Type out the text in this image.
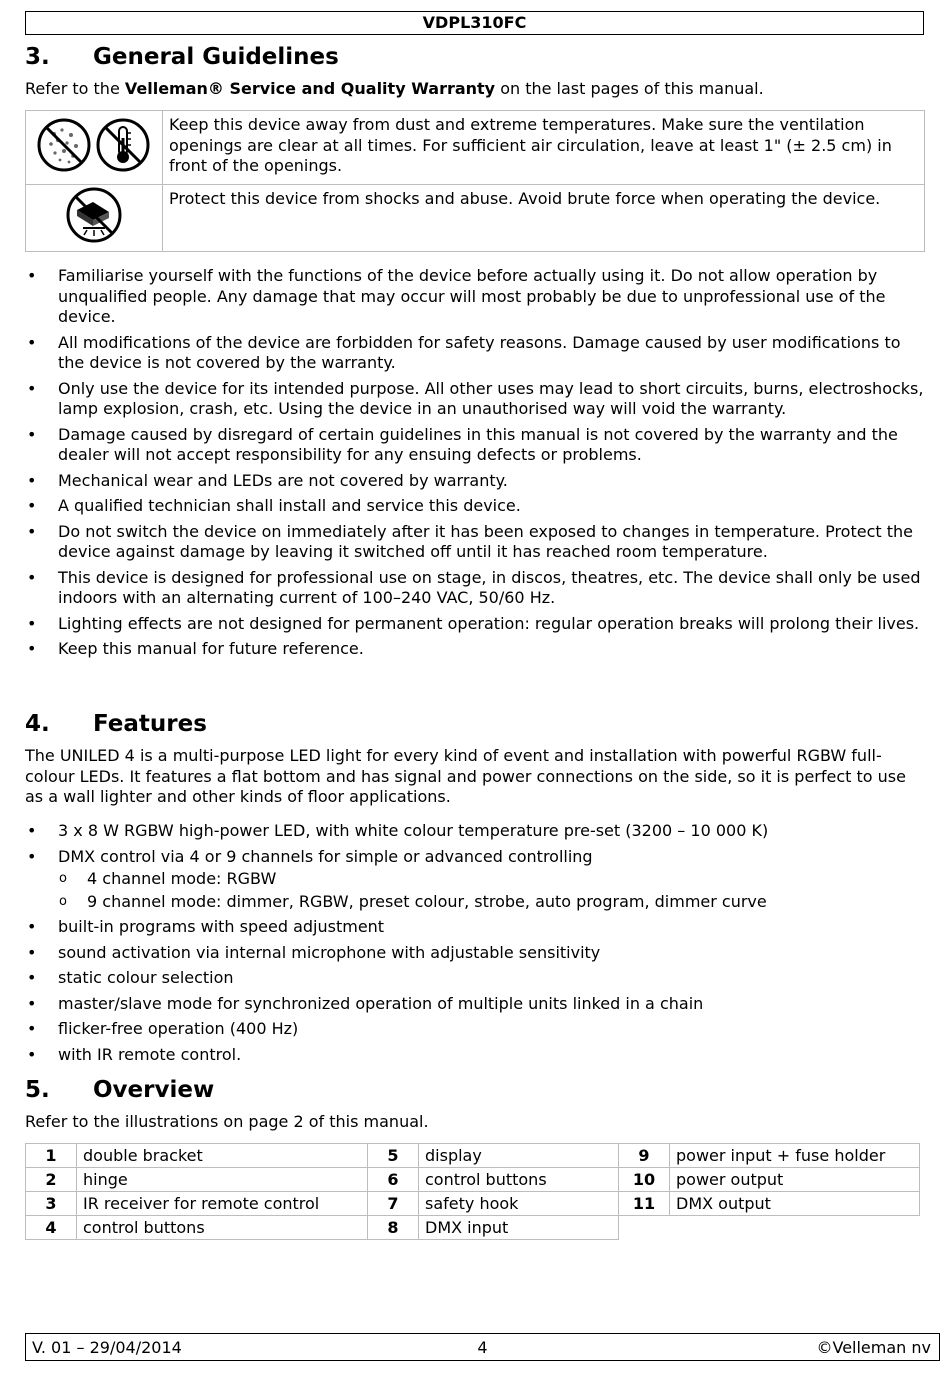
VDPL310FC
3. General Guidelines
Refer to the Velleman® Service and Quality Warranty on the last pages of this manual.
	Keep this device away from dust and extreme temperatures. Make sure the ventilation openings are clear at all times. For sufficient air circulation, leave at least 1" (± 2.5 cm) in front of the openings.
	Protect this device from shocks and abuse. Avoid brute force when operating the device.
• Familiarise yourself with the functions of the device before actually using it. Do not allow operation by unqualified people. Any damage that may occur will most probably be due to unprofessional use of the device.
• All modifications of the device are forbidden for safety reasons. Damage caused by user modifications to the device is not covered by the warranty.
• Only use the device for its intended purpose. All other uses may lead to short circuits, burns, electroshocks, lamp explosion, crash, etc. Using the device in an unauthorised way will void the warranty.
• Damage caused by disregard of certain guidelines in this manual is not covered by the warranty and the dealer will not accept responsibility for any ensuing defects or problems.
• Mechanical wear and LEDs are not covered by warranty.
• A qualified technician shall install and service this device.
• Do not switch the device on immediately after it has been exposed to changes in temperature. Protect the device against damage by leaving it switched off until it has reached room temperature.
• This device is designed for professional use on stage, in discos, theatres, etc. The device shall only be used indoors with an alternating current of 100–240 VAC, 50/60 Hz.
• Lighting effects are not designed for permanent operation: regular operation breaks will prolong their lives.
• Keep this manual for future reference.
4. Features
The UNILED 4 is a multi-purpose LED light for every kind of event and installation with powerful RGBW full-colour LEDs. It features a flat bottom and has signal and power connections on the side, so it is perfect to use as a wall lighter and other kinds of floor applications.
• 3 x 8 W RGBW high-power LED, with white colour temperature pre-set (3200 – 10 000 K)
• DMX control via 4 or 9 channels for simple or advanced controlling
o 4 channel mode: RGBW
o 9 channel mode: dimmer, RGBW, preset colour, strobe, auto program, dimmer curve
• built-in programs with speed adjustment
• sound activation via internal microphone with adjustable sensitivity
• static colour selection
• master/slave mode for synchronized operation of multiple units linked in a chain
• flicker-free operation (400 Hz)
• with IR remote control.
5. Overview
Refer to the illustrations on page 2 of this manual.
1	double bracket	5	display	9	power input + fuse holder
2	hinge	6	control buttons	10	power output
3	IR receiver for remote control	7	safety hook	11	DMX output
4	control buttons	8	DMX input		
V. 01 – 29/04/2014	4	©Velleman nv
